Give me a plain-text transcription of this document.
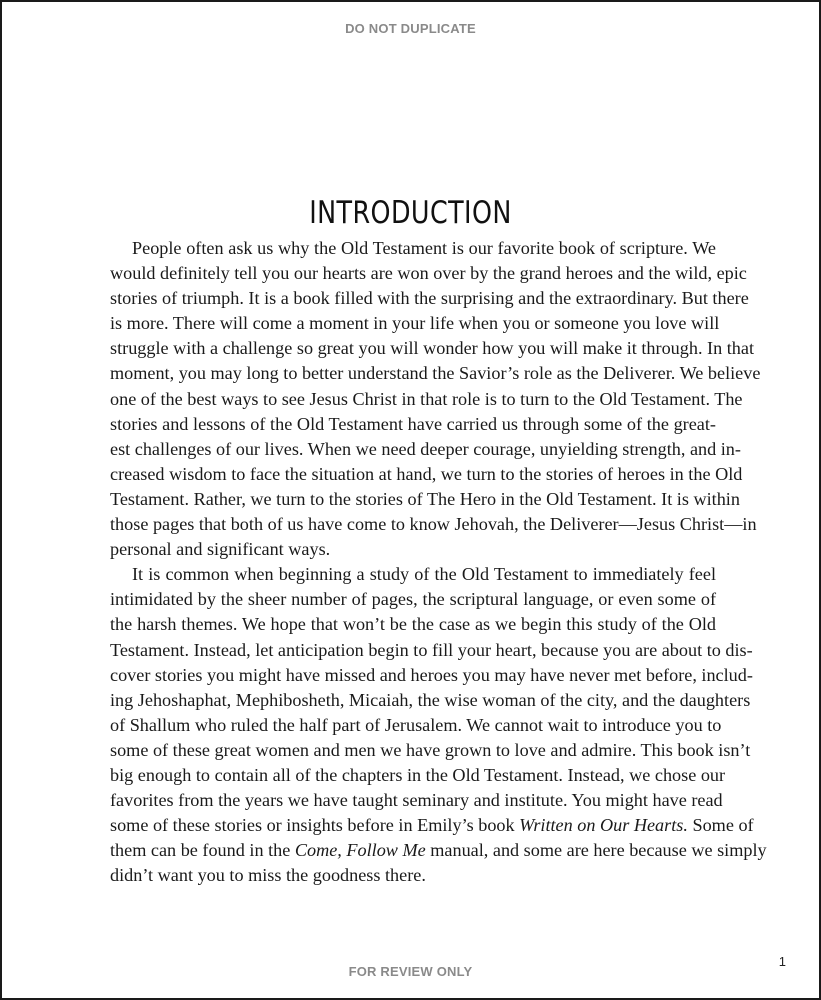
DO NOT DUPLICATE
INTRODUCTION
People often ask us why the Old Testament is our favorite book of scripture. We
would definitely tell you our hearts are won over by the grand heroes and the wild, epic
stories of triumph. It is a book filled with the surprising and the extraordinary. But there
is more. There will come a moment in your life when you or someone you love will
struggle with a challenge so great you will wonder how you will make it through. In that
moment, you may long to better understand the Savior’s role as the Deliverer. We believe
one of the best ways to see Jesus Christ in that role is to turn to the Old Testament. The
stories and lessons of the Old Testament have carried us through some of the great-
est challenges of our lives. When we need deeper courage, unyielding strength, and in-
creased wisdom to face the situation at hand, we turn to the stories of heroes in the Old
Testament. Rather, we turn to the stories of The Hero in the Old Testament. It is within
those pages that both of us have come to know Jehovah, the Deliverer—Jesus Christ—in
personal and significant ways.
It is common when beginning a study of the Old Testament to immediately feel
intimidated by the sheer number of pages, the scriptural language, or even some of
the harsh themes. We hope that won’t be the case as we begin this study of the Old
Testament. Instead, let anticipation begin to fill your heart, because you are about to dis-
cover stories you might have missed and heroes you may have never met before, includ-
ing Jehoshaphat, Mephibosheth, Micaiah, the wise woman of the city, and the daughters
of Shallum who ruled the half part of Jerusalem. We cannot wait to introduce you to
some of these great women and men we have grown to love and admire. This book isn’t
big enough to contain all of the chapters in the Old Testament. Instead, we chose our
favorites from the years we have taught seminary and institute. You might have read
some of these stories or insights before in Emily’s book Written on Our Hearts. Some of
them can be found in the Come, Follow Me manual, and some are here because we simply
didn’t want you to miss the goodness there.
1
FOR REVIEW ONLY
